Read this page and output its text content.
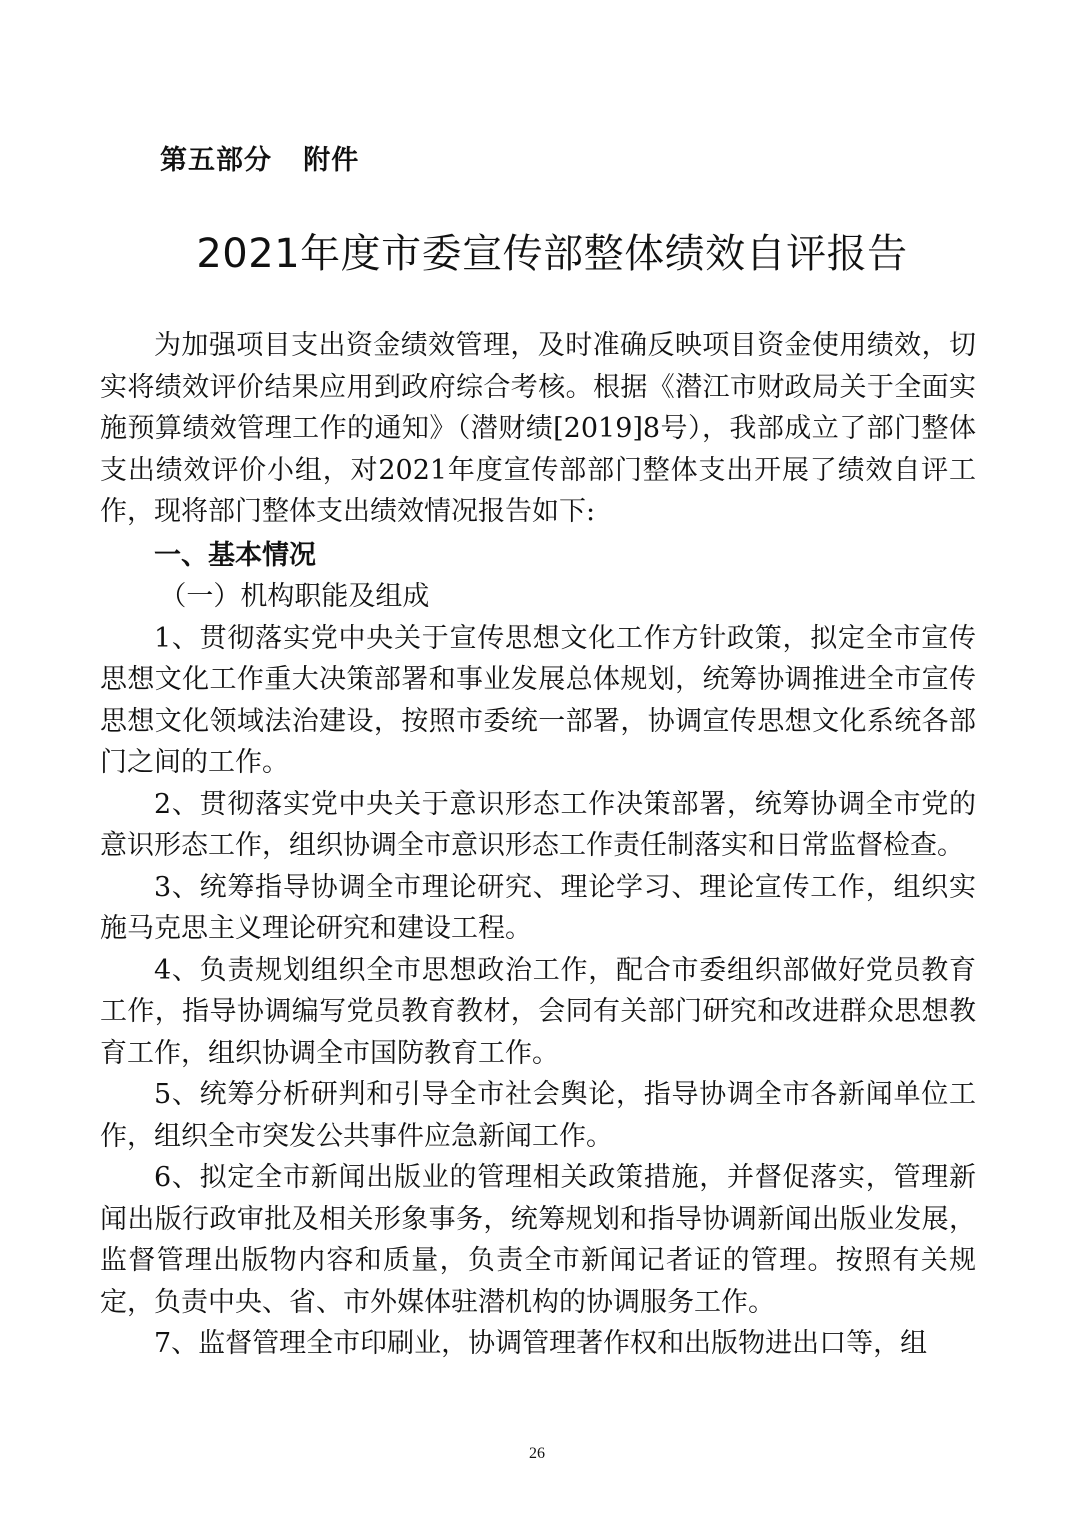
第五部分   附件
2021年度市委宣传部整体绩效自评报告

为加强项目支出资金绩效管理，及时准确反映项目资金使用绩效，切实将绩效评价结果应用到政府综合考核。根据《潜江市财政局关于全面实施预算绩效管理工作的通知》（潜财绩[2019]8号），我部成立了部门整体支出绩效评价小组，对2021年度宣传部部门整体支出开展了绩效自评工作，现将部门整体支出绩效情况报告如下:

一、基本情况

（一）机构职能及组成

1、贯彻落实党中央关于宣传思想文化工作方针政策，拟定全市宣传思想文化工作重大决策部署和事业发展总体规划，统筹协调推进全市宣传思想文化领域法治建设，按照市委统一部署，协调宣传思想文化系统各部门之间的工作。

2、贯彻落实党中央关于意识形态工作决策部署，统筹协调全市党的意识形态工作，组织协调全市意识形态工作责任制落实和日常监督检查。

3、统筹指导协调全市理论研究、理论学习、理论宣传工作，组织实施马克思主义理论研究和建设工程。

4、负责规划组织全市思想政治工作，配合市委组织部做好党员教育工作，指导协调编写党员教育教材，会同有关部门研究和改进群众思想教育工作，组织协调全市国防教育工作。

5、统筹分析研判和引导全市社会舆论，指导协调全市各新闻单位工作，组织全市突发公共事件应急新闻工作。

6、拟定全市新闻出版业的管理相关政策措施，并督促落实，管理新闻出版行政审批及相关形象事务，统筹规划和指导协调新闻出版业发展，监督管理出版物内容和质量，负责全市新闻记者证的管理。按照有关规定，负责中央、省、市外媒体驻潜机构的协调服务工作。

7、监督管理全市印刷业，协调管理著作权和出版物进出口等，组

26
